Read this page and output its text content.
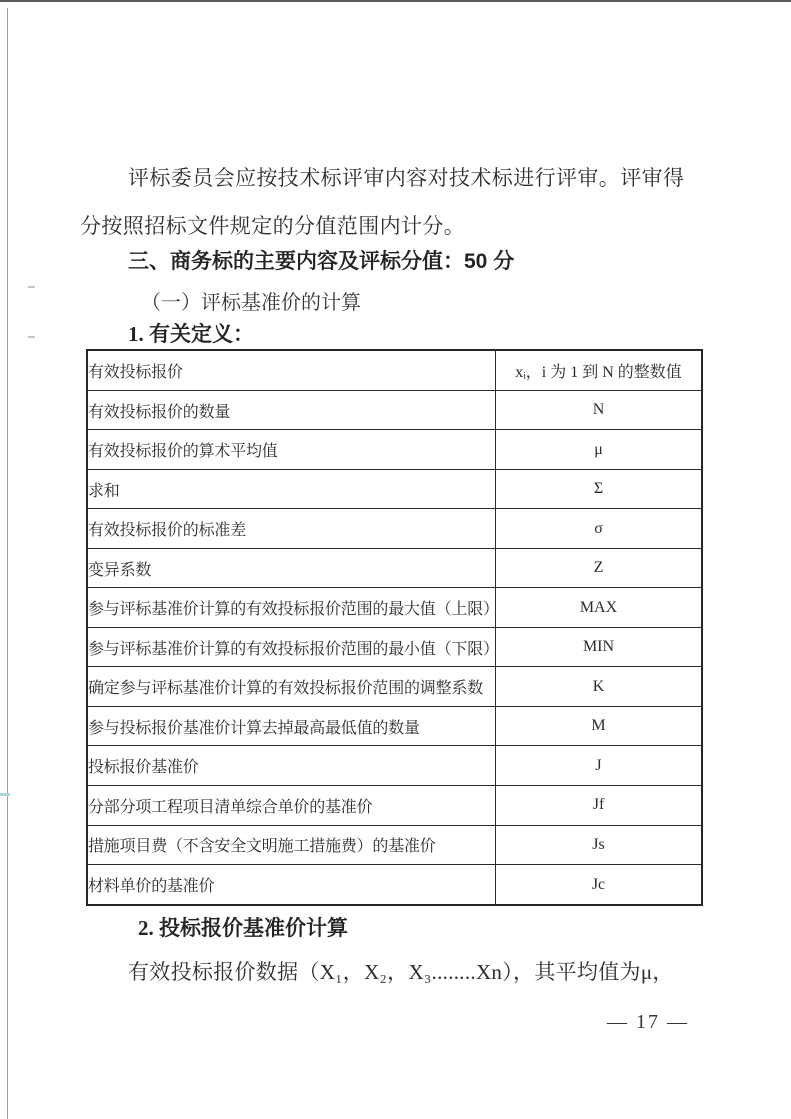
评标委员会应按技术标评审内容对技术标进行评审。评审得
分按照招标文件规定的分值范围内计分。
三、商务标的主要内容及评标分值：50 分
（一）评标基准价的计算
1. 有关定义：
有效投标报价	xᵢ，i 为 1 到 N 的整数值
有效投标报价的数量	N
有效投标报价的算术平均值	μ
求和	Σ
有效投标报价的标准差	σ
变异系数	Z
参与评标基准价计算的有效投标报价范围的最大值（上限）	MAX
参与评标基准价计算的有效投标报价范围的最小值（下限）	MIN
确定参与评标基准价计算的有效投标报价范围的调整系数	K
参与投标报价基准价计算去掉最高最低值的数量	M
投标报价基准价	J
分部分项工程项目清单综合单价的基准价	Jf
措施项目费（不含安全文明施工措施费）的基准价	Js
材料单价的基准价	Jc
2. 投标报价基准价计算
有效投标报价数据（X₁，X₂，X₃........Xn），其平均值为μ，
— 17 —
